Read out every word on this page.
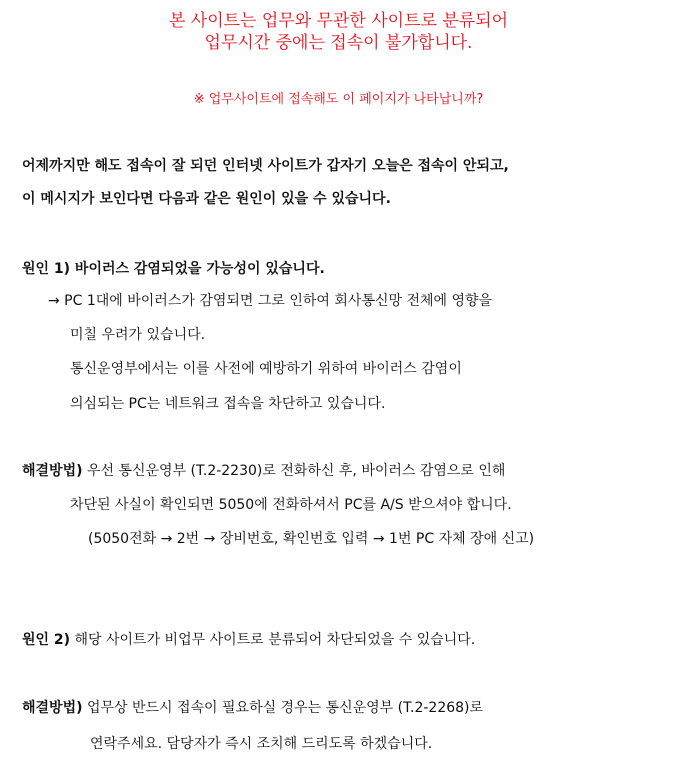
본 사이트는 업무와 무관한 사이트로 분류되어
업무시간 중에는 접속이 불가합니다.
※ 업무사이트에 접속해도 이 페이지가 나타납니까?
어제까지만 해도 접속이 잘 되던 인터넷 사이트가 갑자기 오늘은 접속이 안되고,
이 메시지가 보인다면 다음과 같은 원인이 있을 수 있습니다.
원인 1) 바이러스 감염되었을 가능성이 있습니다.
→ PC 1대에 바이러스가 감염되면 그로 인하여 회사통신망 전체에 영향을
미칠 우려가 있습니다.
통신운영부에서는 이를 사전에 예방하기 위하여 바이러스 감염이
의심되는 PC는 네트워크 접속을 차단하고 있습니다.
해결방법) 우선 통신운영부 (T.2-2230)로 전화하신 후, 바이러스 감염으로 인해
차단된 사실이 확인되면 5050에 전화하셔서 PC를 A/S 받으셔야 합니다.
(5050전화 → 2번 → 장비번호, 확인번호 입력 → 1번 PC 자체 장애 신고)
원인 2) 해당 사이트가 비업무 사이트로 분류되어 차단되었을 수 있습니다.
해결방법) 업무상 반드시 접속이 필요하실 경우는 통신운영부 (T.2-2268)로
연락주세요. 담당자가 즉시 조치해 드리도록 하겠습니다.
